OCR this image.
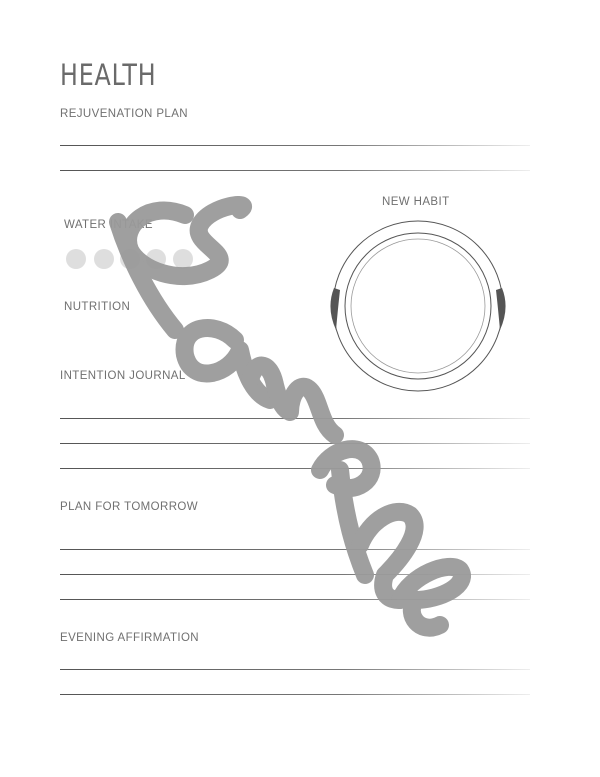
HEALTH
REJUVENATION PLAN
WATER INTAKE
NUTRITION
NEW HABIT
INTENTION JOURNAL
PLAN FOR TOMORROW
EVENING AFFIRMATION
